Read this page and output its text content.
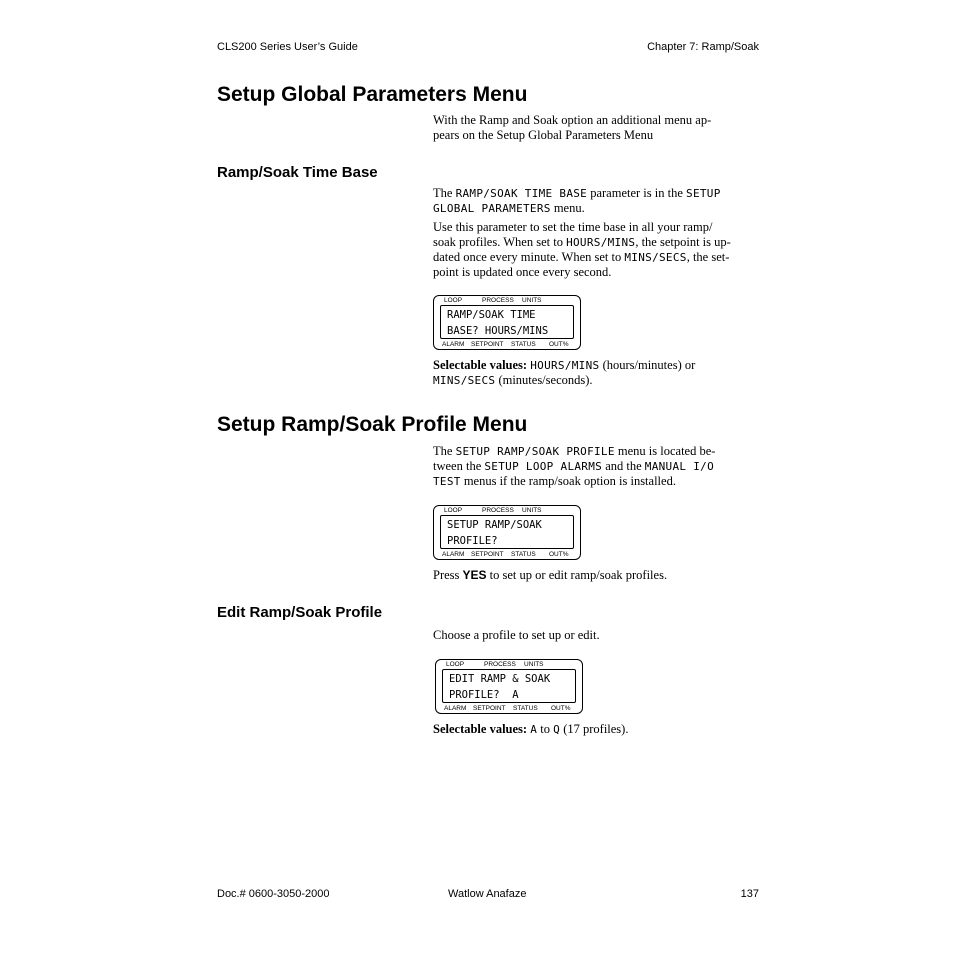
CLS200 Series User’s Guide	Chapter 7: Ramp/Soak
Setup Global Parameters Menu
With the Ramp and Soak option an additional menu ap-
pears on the Setup Global Parameters Menu
Ramp/Soak Time Base
The RAMP/SOAK TIME BASE parameter is in the SETUP
GLOBAL PARAMETERS menu.
Use this parameter to set the time base in all your ramp/
soak profiles. When set to HOURS/MINS, the setpoint is up-
dated once every minute. When set to MINS/SECS, the set-
point is updated once every second.
LOOP	PROCESS UNITS
RAMP/SOAK TIME
BASE? HOURS/MINS
ALARM SETPOINT STATUS OUT%
Selectable values: HOURS/MINS (hours/minutes) or
MINS/SECS (minutes/seconds).
Setup Ramp/Soak Profile Menu
The SETUP RAMP/SOAK PROFILE menu is located be-
tween the SETUP LOOP ALARMS and the MANUAL I/O
TEST menus if the ramp/soak option is installed.
LOOP	PROCESS UNITS
SETUP RAMP/SOAK
PROFILE?
ALARM SETPOINT STATUS OUT%
Press YES to set up or edit ramp/soak profiles.
Edit Ramp/Soak Profile
Choose a profile to set up or edit.
LOOP	PROCESS UNITS
EDIT RAMP & SOAK
PROFILE?  A
ALARM SETPOINT STATUS OUT%
Selectable values: A to Q (17 profiles).
Doc.# 0600-3050-2000	Watlow Anafaze	137
